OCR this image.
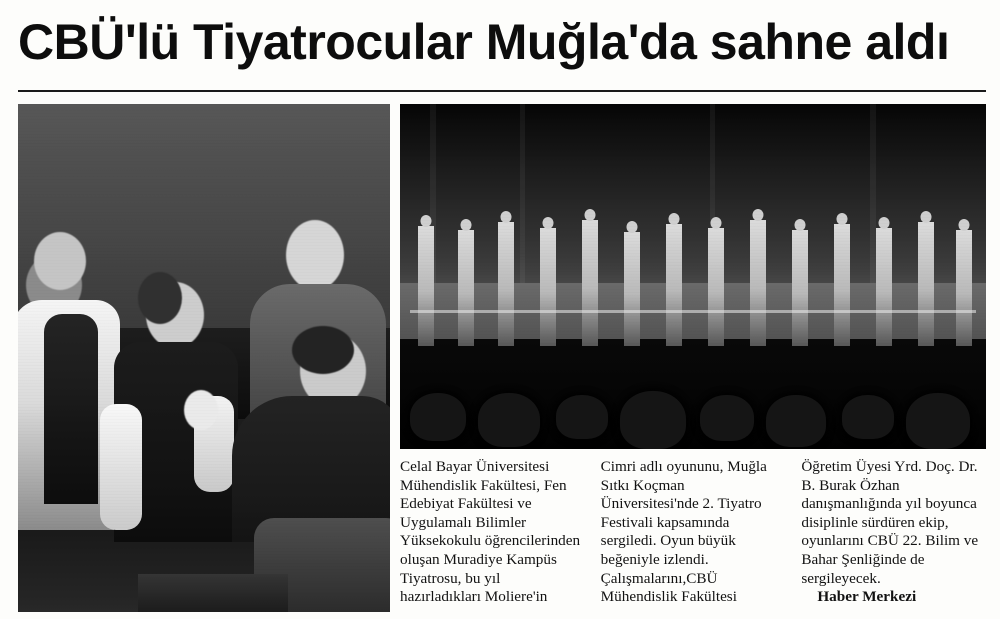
CBÜ'lü Tiyatrocular Muğla'da sahne aldı

Celal Bayar Üniversitesi Mühendislik Fakültesi, Fen Edebiyat Fakültesi ve Uygulamalı Bilimler Yüksekokulu öğrencilerinden oluşan Muradiye Kampüs Tiyatrosu, bu yıl hazırladıkları Moliere'in

Cimri adlı oyununu, Muğla Sıtkı Koçman Üniversitesi'nde 2. Tiyatro Festivali kapsamında sergiledi. Oyun büyük beğeniyle izlendi.

Çalışmalarını,CBÜ Mühendislik Fakültesi

Öğretim Üyesi Yrd. Doç. Dr. B. Burak Özhan danışmanlığında yıl boyunca disiplinle sürdüren ekip, oyunlarını CBÜ 22. Bilim ve Bahar Şenliğinde de sergileyecek.

Haber Merkezi
